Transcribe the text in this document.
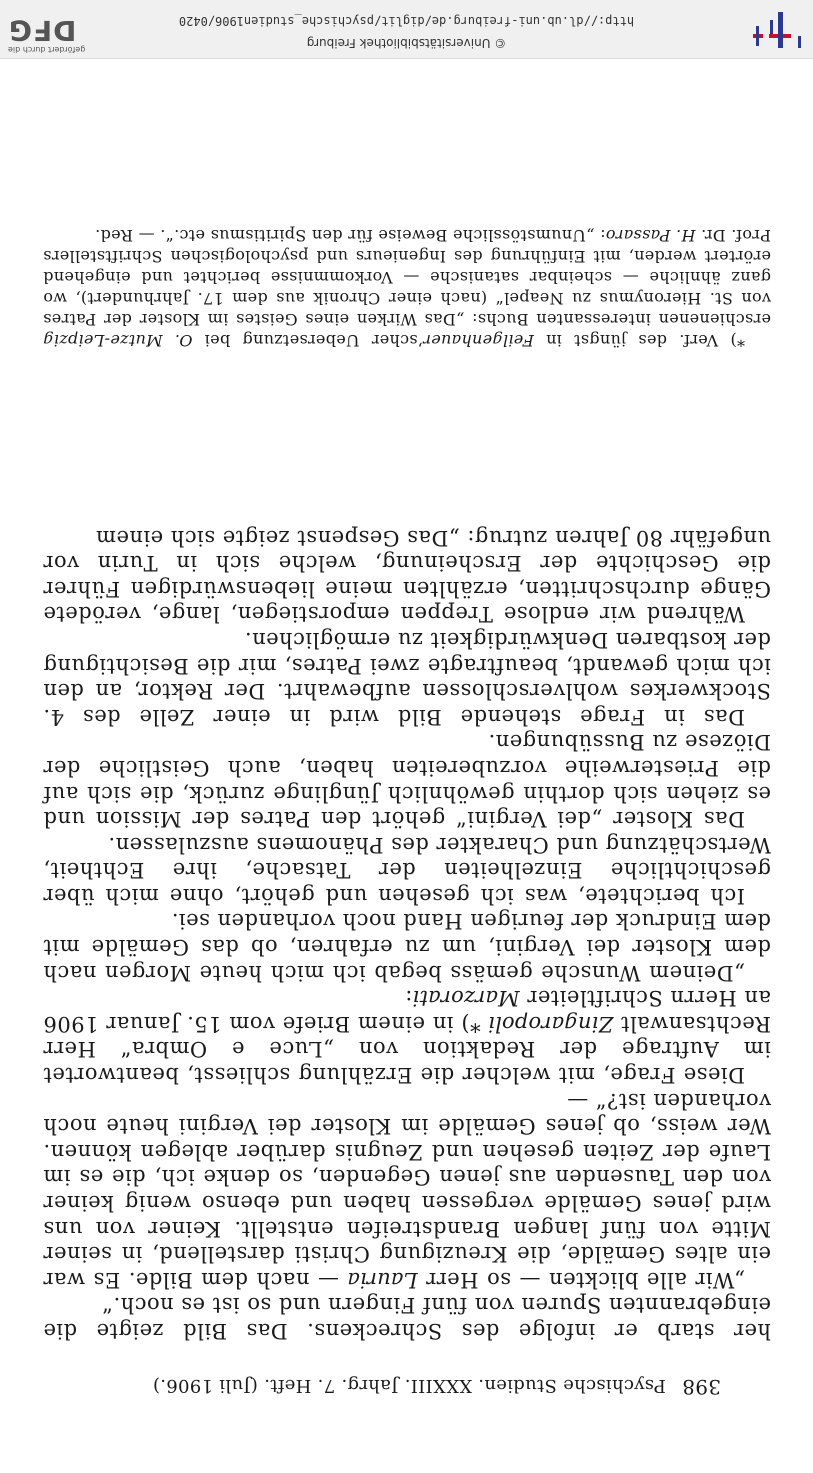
398 Psychische Studien. XXXIII. Jahrg. 7. Heft. (Juli 1906.)

her starb er infolge des Schreckens. Das Bild zeigte die eingebrannten Spuren von fünf Fingern und so ist es noch.“

„Wir alle blickten — so Herr Lauria — nach dem Bilde. Es war ein altes Gemälde, die Kreuzigung Christi darstellend, in seiner Mitte von fünf langen Brandstreifen entstellt. Keiner von uns wird jenes Gemälde vergessen haben und ebenso wenig keiner von den Tausenden aus jenen Gegenden, so denke ich, die es im Laufe der Zeiten gesehen und Zeugnis darüber ablegen können. Wer weiss, ob jenes Gemälde im Kloster dei Vergini heute noch vorhanden ist?“ —

Diese Frage, mit welcher die Erzählung schliesst, beantwortet im Auftrage der Redaktion von „Luce e Ombra“ Herr Rechtsanwalt Zingaropoli *) in einem Briefe vom 15. Januar 1906 an Herrn Schriftleiter Marzorati:

„Deinem Wunsche gemäss begab ich mich heute Morgen nach dem Kloster dei Vergini, um zu erfahren, ob das Gemälde mit dem Eindruck der feurigen Hand noch vorhanden sei.

Ich berichtete, was ich gesehen und gehört, ohne mich über geschichtliche Einzelheiten der Tatsache, ihre Echtheit, Wertschätzung und Charakter des Phänomens auszulassen.

Das Kloster „dei Vergini“ gehört den Patres der Mission und es ziehen sich dorthin gewöhnlich Jünglinge zurück, die sich auf die Priesterweihe vorzubereiten haben, auch Geistliche der Diözese zu Bussübungen.

Das in Frage stehende Bild wird in einer Zelle des 4. Stockwerkes wohlverschlossen aufbewahrt. Der Rektor, an den ich mich gewandt, beauftragte zwei Patres, mir die Besichtigung der kostbaren Denkwürdigkeit zu ermöglichen.

Während wir endlose Treppen emporstiegen, lange, verödete Gänge durchschritten, erzählten meine liebenswürdigen Führer die Geschichte der Erscheinung, welche sich in Turin vor ungefähr 80 Jahren zutrug: „Das Gespenst zeigte sich einem

*) Verf. des jüngst in Feilgenhauer’scher Uebersetzung bei O. Mutze-Leipzig erschienenen interessanten Buchs: „Das Wirken eines Geistes im Kloster der Patres von St. Hieronymus zu Neapel“ (nach einer Chronik aus dem 17. Jahrhundert), wo ganz ähnliche — scheinbar satanische — Vorkommnisse berichtet und eingehend erörtert werden, mit Einführung des Ingenieurs und psychologischen Schriftstellers Prof. Dr. H. Passaro: „Unumstössliche Beweise für den Spiritismus etc.“. — Red.

© Universitätsbibliothek Freiburg
http://dl.ub.uni-freiburg.de/diglit/psychische_studien1906/0420
gefördert durch die
DFG
